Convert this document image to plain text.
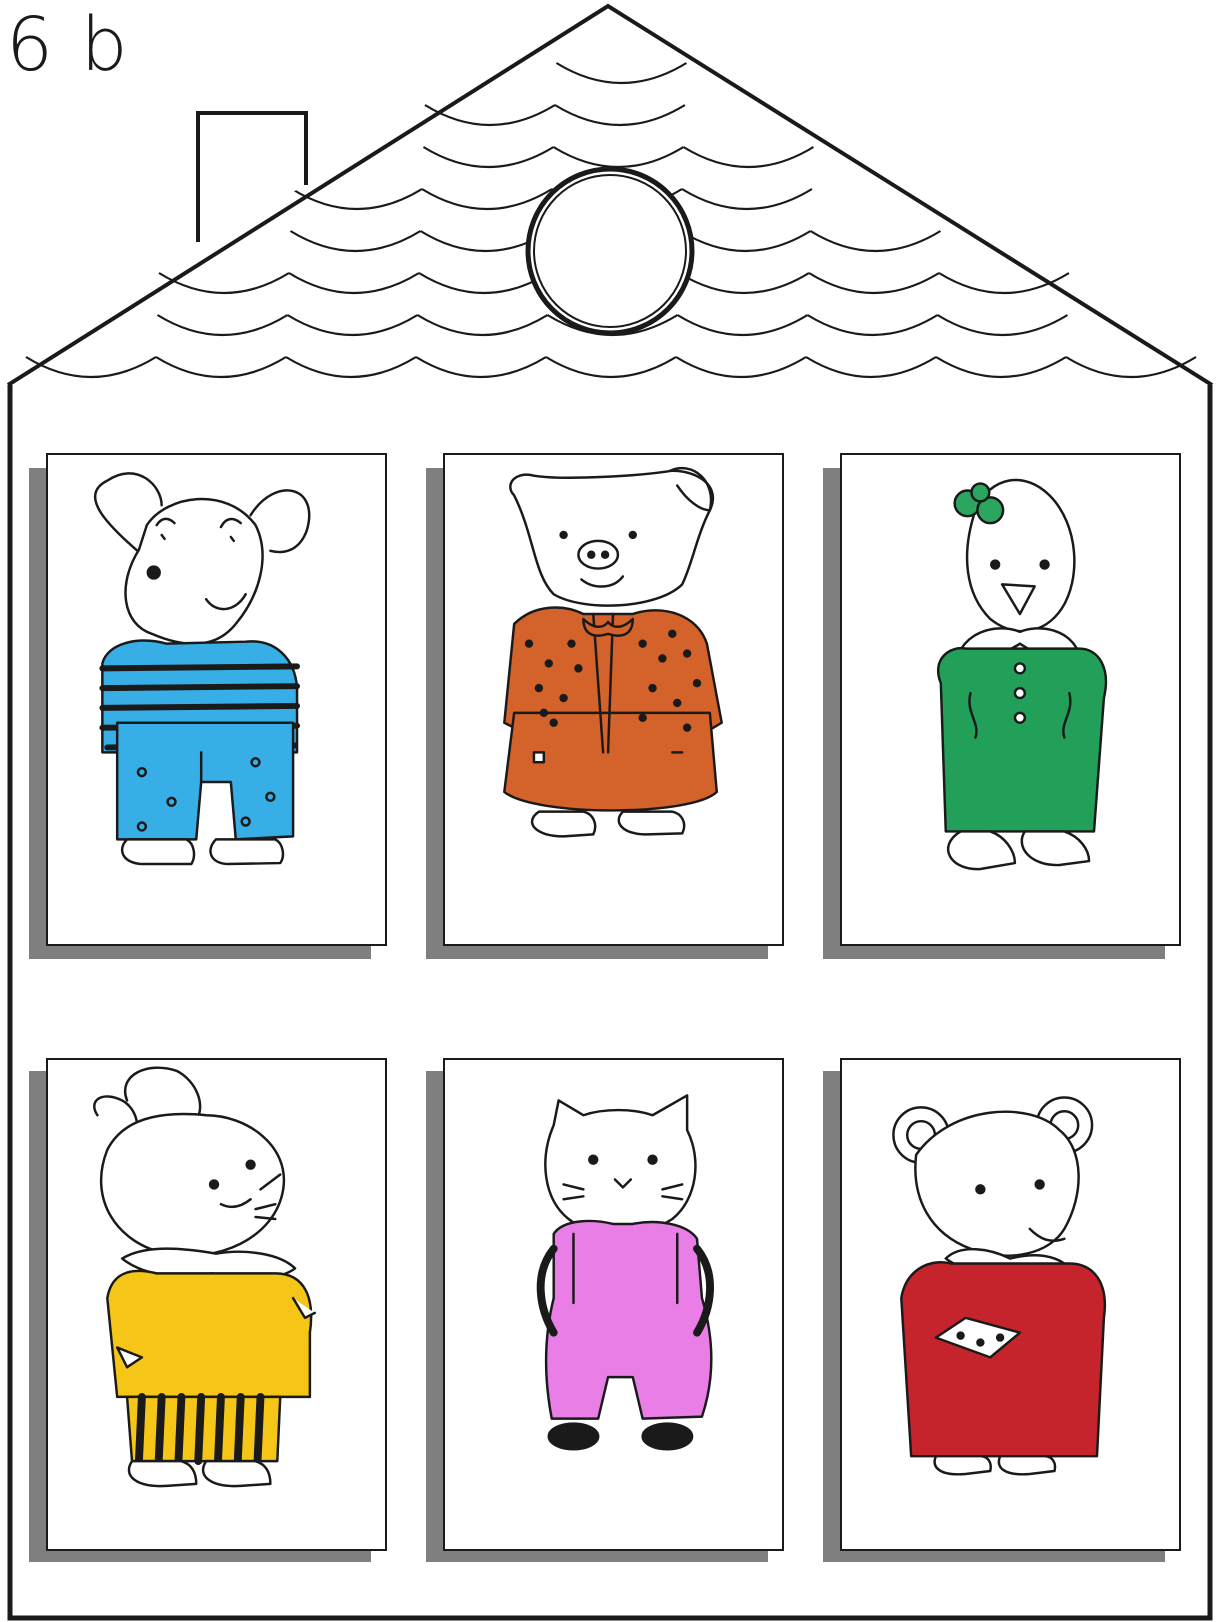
6 b
